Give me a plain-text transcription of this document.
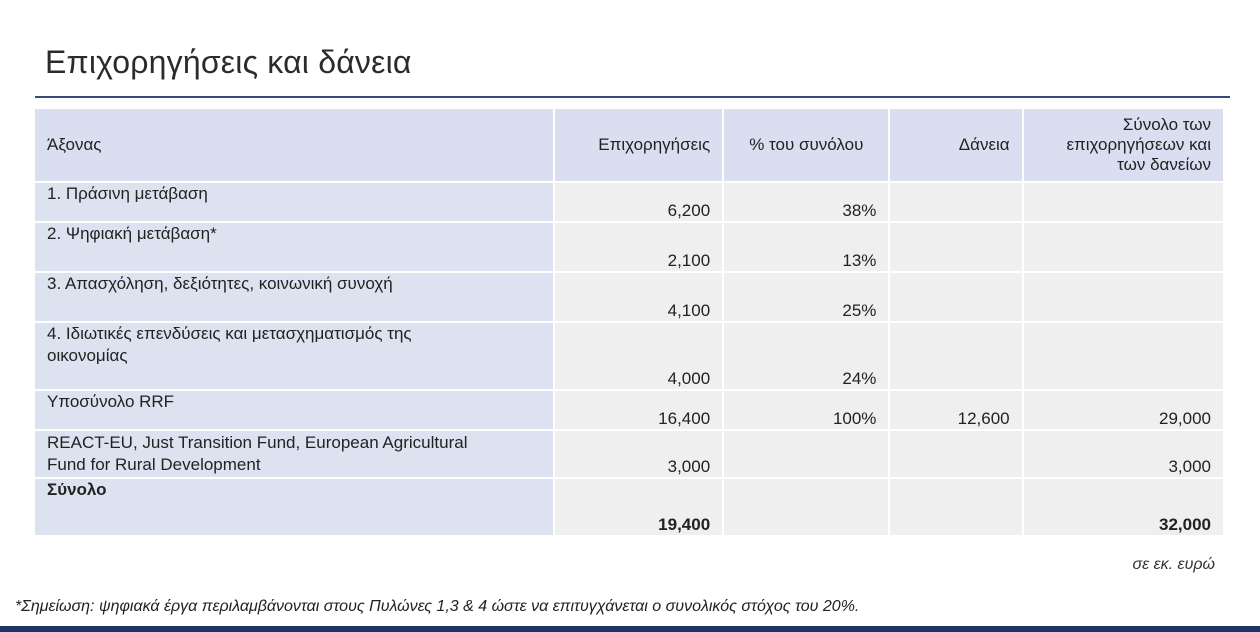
Επιχορηγήσεις και δάνεια
Άξονας	Επιχορηγήσεις	% του συνόλου	Δάνεια	Σύνολο των
επιχορηγήσεων και
των δανείων

1. Πράσινη μετάβαση	6,200	38%		
2. Ψηφιακή μετάβαση*	2,100	13%		
3. Απασχόληση, δεξιότητες, κοινωνική συνοχή	4,100	25%		

4. Ιδιωτικές επενδύσεις και μετασχηματισμός της
οικονομίας	4,000	24%		
Υποσύνολο RRF	16,400	100%	12,600	29,000

REACT-EU, Just Transition Fund, European Agricultural
Fund for Rural Development	3,000			3,000
Σύνολο	19,400			32,000
σε εκ. ευρώ
*Σημείωση: ψηφιακά έργα περιλαμβάνονται στους Πυλώνες 1,3 & 4 ώστε να επιτυγχάνεται ο συνολικός στόχος του 20%.
